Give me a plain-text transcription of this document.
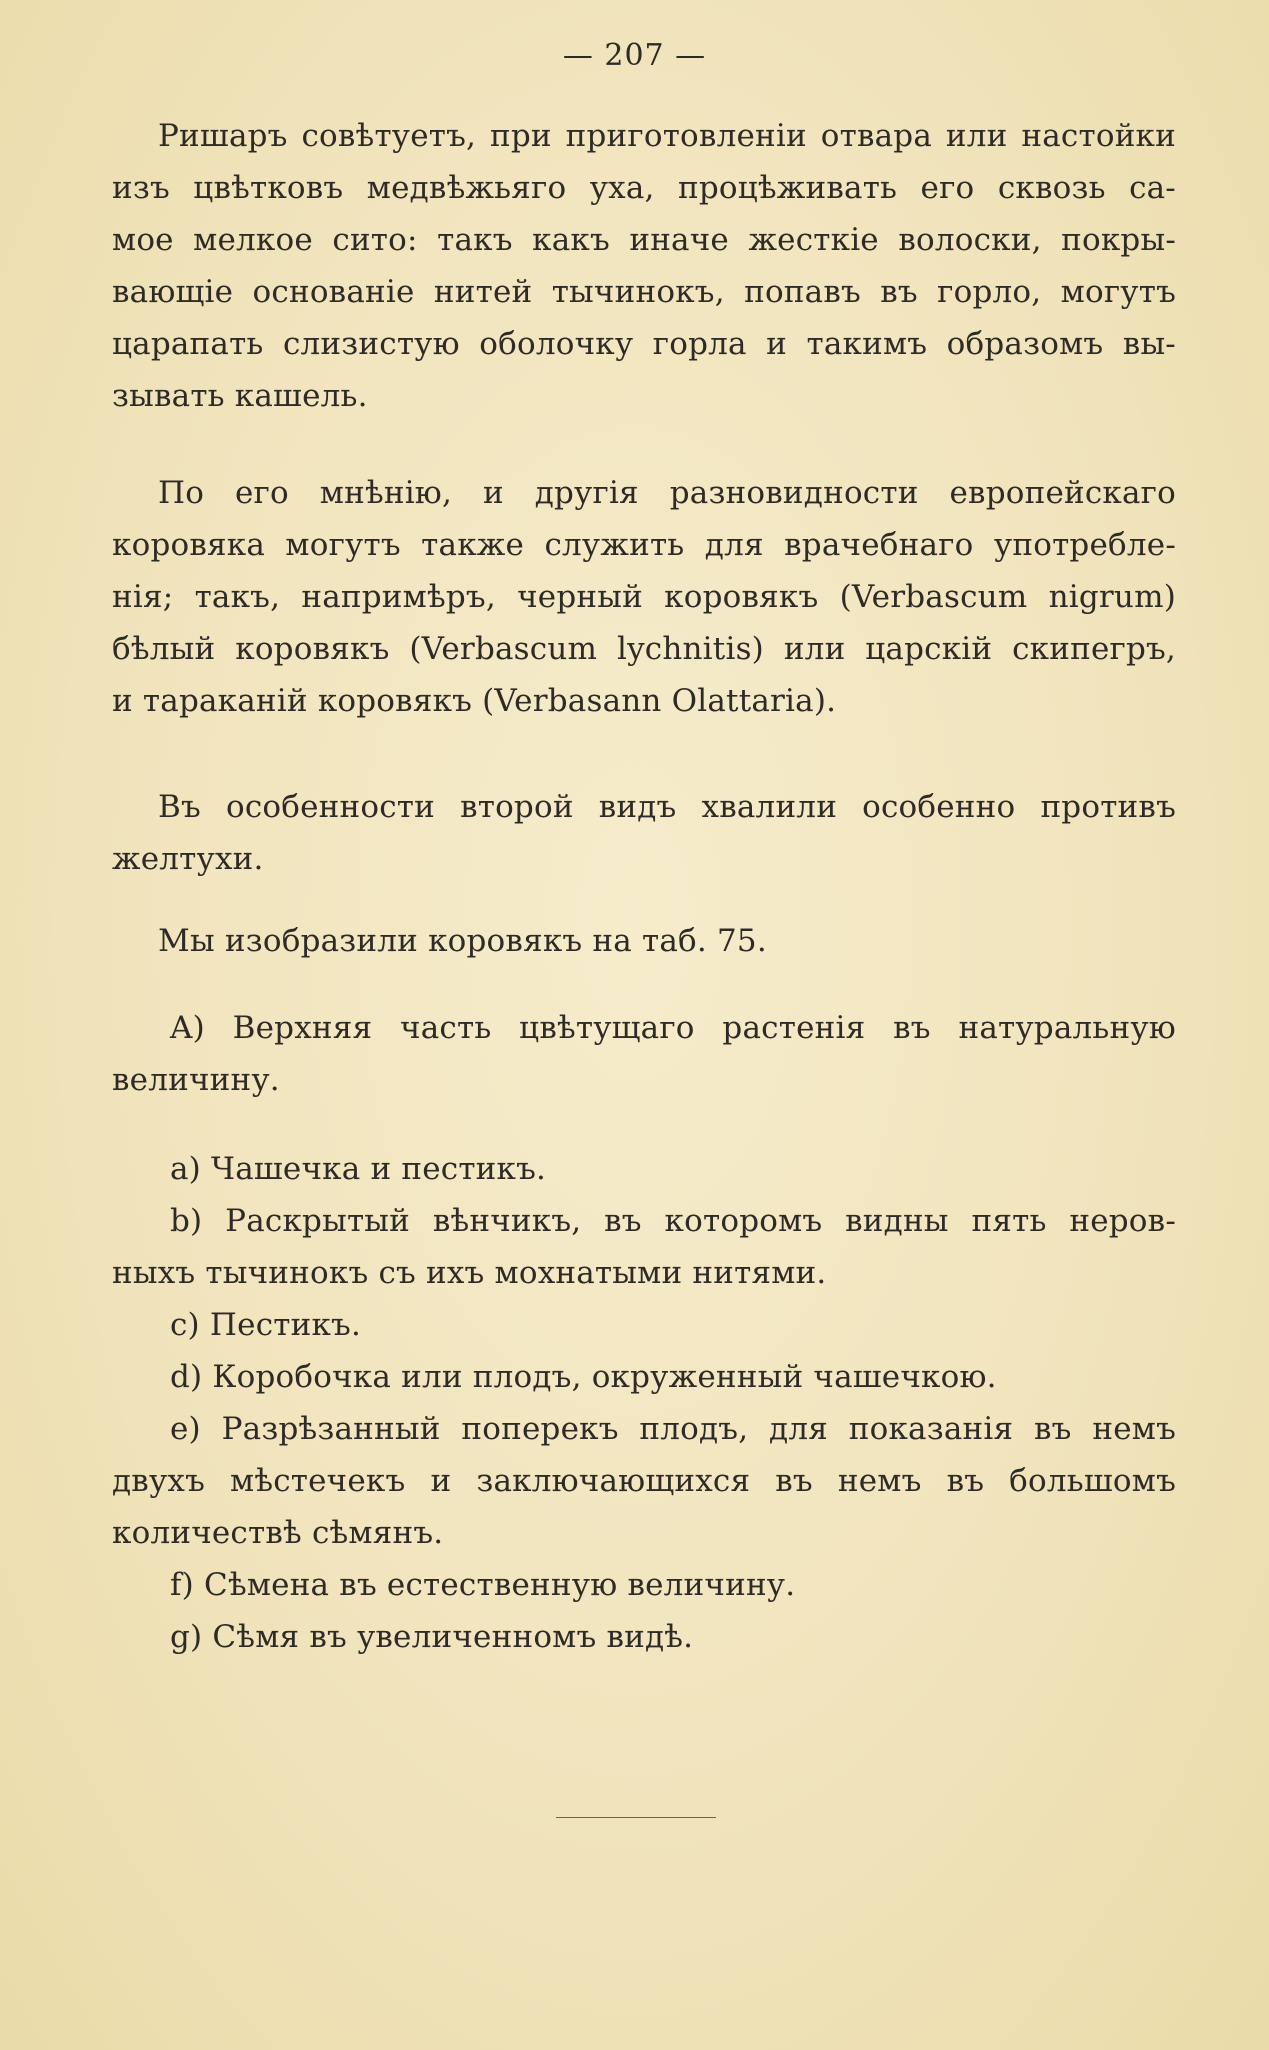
— 207 —
Ришаръ совѣтуетъ, при приготовленіи отвара или настойки
изъ цвѣтковъ медвѣжьяго уха, процѣживать его сквозь са-
мое мелкое сито: такъ какъ иначе жесткіе волоски, покры-
вающіе основаніе нитей тычинокъ, попавъ въ горло, могутъ
царапать слизистую оболочку горла и такимъ образомъ вы-
зывать кашель.
По его мнѣнію, и другія разновидности европейскаго
коровяка могутъ также служить для врачебнаго употребле-
нія; такъ, напримѣръ, черный коровякъ (Verbascum nigrum)
бѣлый коровякъ (Verbascum lychnitis) или царскій скипегръ,
и тараканій коровякъ (Verbasann Olattaria).
Въ особенности второй видъ хвалили особенно противъ
желтухи.
Мы изобразили коровякъ на таб. 75.
A) Верхняя часть цвѣтущаго растенія въ натуральную
величину.
a) Чашечка и пестикъ.
b) Раскрытый вѣнчикъ, въ которомъ видны пять неров-
ныхъ тычинокъ съ ихъ мохнатыми нитями.
c) Пестикъ.
d) Коробочка или плодъ, окруженный чашечкою.
e) Разрѣзанный поперекъ плодъ, для показанія въ немъ
двухъ мѣстечекъ и заключающихся въ немъ въ большомъ
количествѣ сѣмянъ.
f) Сѣмена въ естественную величину.
g) Сѣмя въ увеличенномъ видѣ.
